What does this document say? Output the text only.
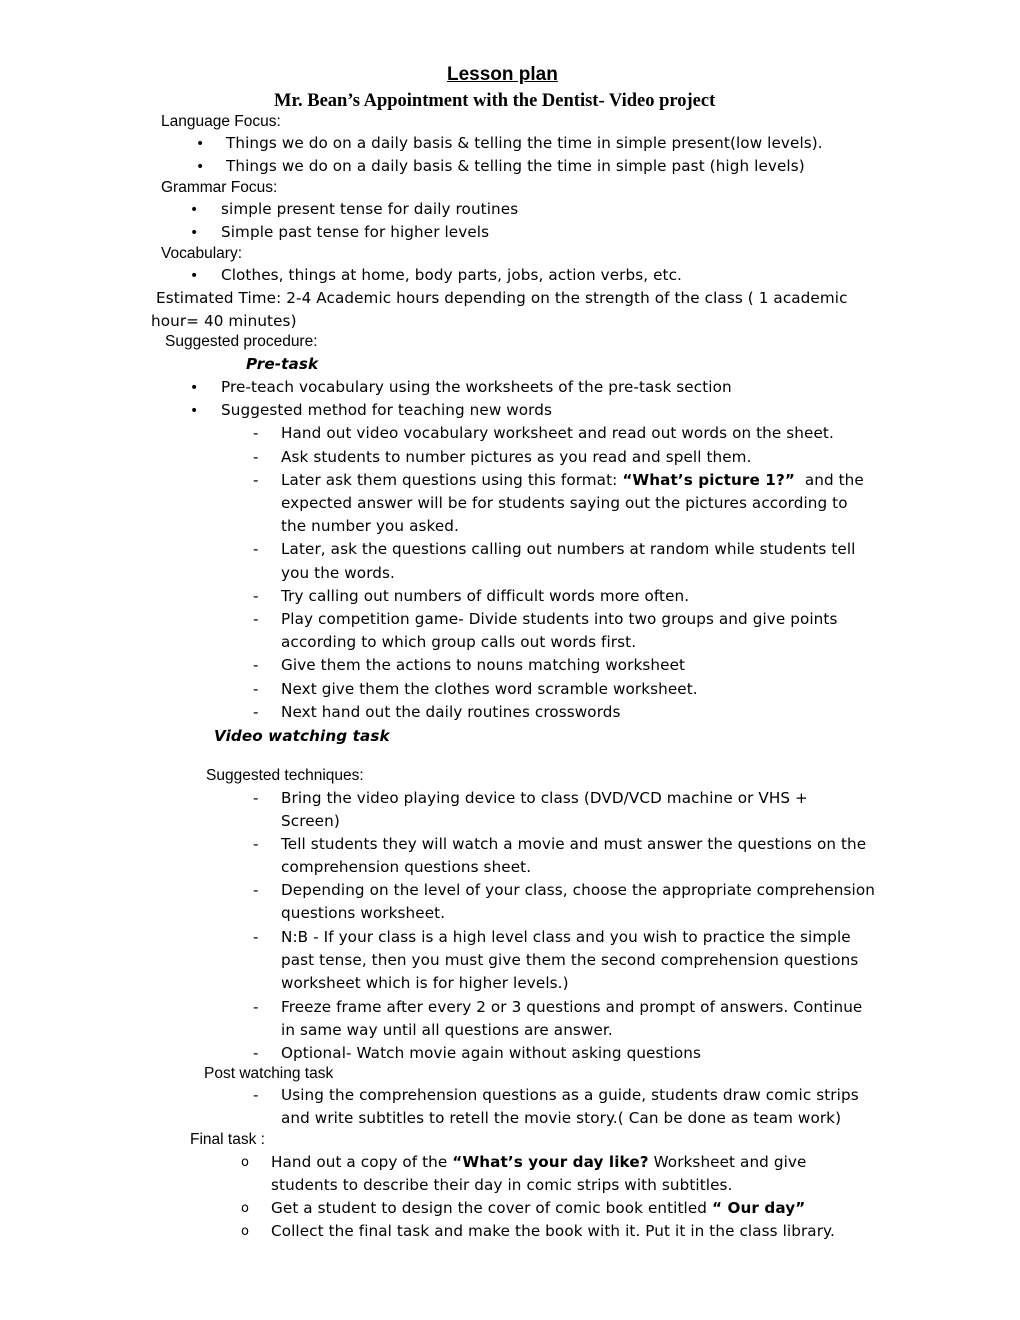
Lesson plan
Mr. Bean’s Appointment with the Dentist- Video project
Language Focus:
• Things we do on a daily basis & telling the time in simple present(low levels).
• Things we do on a daily basis & telling the time in simple past (high levels)
Grammar Focus:
• simple present tense for daily routines
• Simple past tense for higher levels
Vocabulary:
• Clothes, things at home, body parts, jobs, action verbs, etc.
Estimated Time: 2-4 Academic hours depending on the strength of the class ( 1 academic
hour= 40 minutes)
Suggested procedure:
Pre-task
• Pre-teach vocabulary using the worksheets of the pre-task section
• Suggested method for teaching new words
- Hand out video vocabulary worksheet and read out words on the sheet.
- Ask students to number pictures as you read and spell them.
- Later ask them questions using this format: “What’s picture 1?” and the
expected answer will be for students saying out the pictures according to
the number you asked.
- Later, ask the questions calling out numbers at random while students tell
you the words.
- Try calling out numbers of difficult words more often.
- Play competition game- Divide students into two groups and give points
according to which group calls out words first.
- Give them the actions to nouns matching worksheet
- Next give them the clothes word scramble worksheet.
- Next hand out the daily routines crosswords
Video watching task
Suggested techniques:
- Bring the video playing device to class (DVD/VCD machine or VHS +
Screen)
- Tell students they will watch a movie and must answer the questions on the
comprehension questions sheet.
- Depending on the level of your class, choose the appropriate comprehension
questions worksheet.
- N:B - If your class is a high level class and you wish to practice the simple
past tense, then you must give them the second comprehension questions
worksheet which is for higher levels.)
- Freeze frame after every 2 or 3 questions and prompt of answers. Continue
in same way until all questions are answer.
- Optional- Watch movie again without asking questions
Post watching task
- Using the comprehension questions as a guide, students draw comic strips
and write subtitles to retell the movie story.( Can be done as team work)
Final task :
o Hand out a copy of the “What’s your day like? Worksheet and give
students to describe their day in comic strips with subtitles.
o Get a student to design the cover of comic book entitled “ Our day”
o Collect the final task and make the book with it. Put it in the class library.
